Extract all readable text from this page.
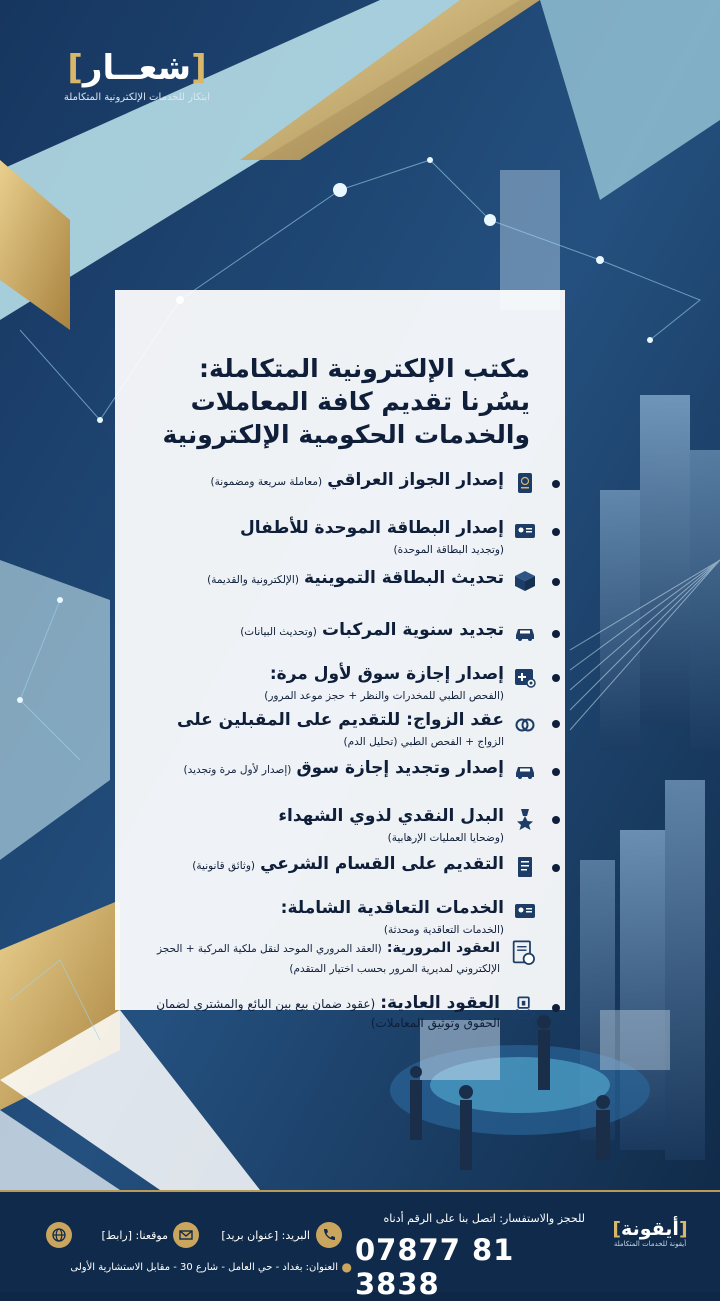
[شعــار]
ابتكار للخدمات الإلكترونية المتكاملة
مكتب الإلكترونية المتكاملة:
يسُرنا تقديم كافة المعاملات
والخدمات الحكومية الإلكترونية
إصدار الجواز العراقي (معاملة سريعة ومضمونة)
إصدار البطاقة الموحدة للأطفال
(وتجديد البطاقة الموحدة)
تحديث البطاقة التموينية (الإلكترونية والقديمة)
تجديد سنوية المركبات (وتحديث البيانات)
إصدار إجازة سوق لأول مرة:
(الفحص الطبي للمخدرات والنظر + حجز موعد المرور)
عقد الزواج: للتقديم على المقبلين على
الزواج + الفحص الطبي (تحليل الدم)
إصدار وتجديد إجازة سوق (إصدار لأول مرة وتجديد)
البدل النقدي لذوي الشهداء
(وضحايا العمليات الإرهابية)
التقديم على القسام الشرعي (وثائق قانونية)
الخدمات التعاقدية الشاملة:
(الخدمات التعاقدية ومحدثة)
العقود المرورية: (العقد المروري الموحد لنقل ملكية المركبة + الحجز الإلكتروني لمديرية المرور بحسب اختيار المتقدم)
العقود العادية: (عقود ضمان بيع بين البائع والمشتري لضمان الحقوق وتوثيق المعاملات)
[أيقونة]
أيقونة للخدمات المتكاملة
للحجز والاستفسار: اتصل بنا على الرقم أدناه
07877 81 3838
البريد: [عنوان بريد]
موقعنا: [رابط]
●
العنوان: بغداد - حي العامل - شارع 30 - مقابل الاستشارية الأولى
